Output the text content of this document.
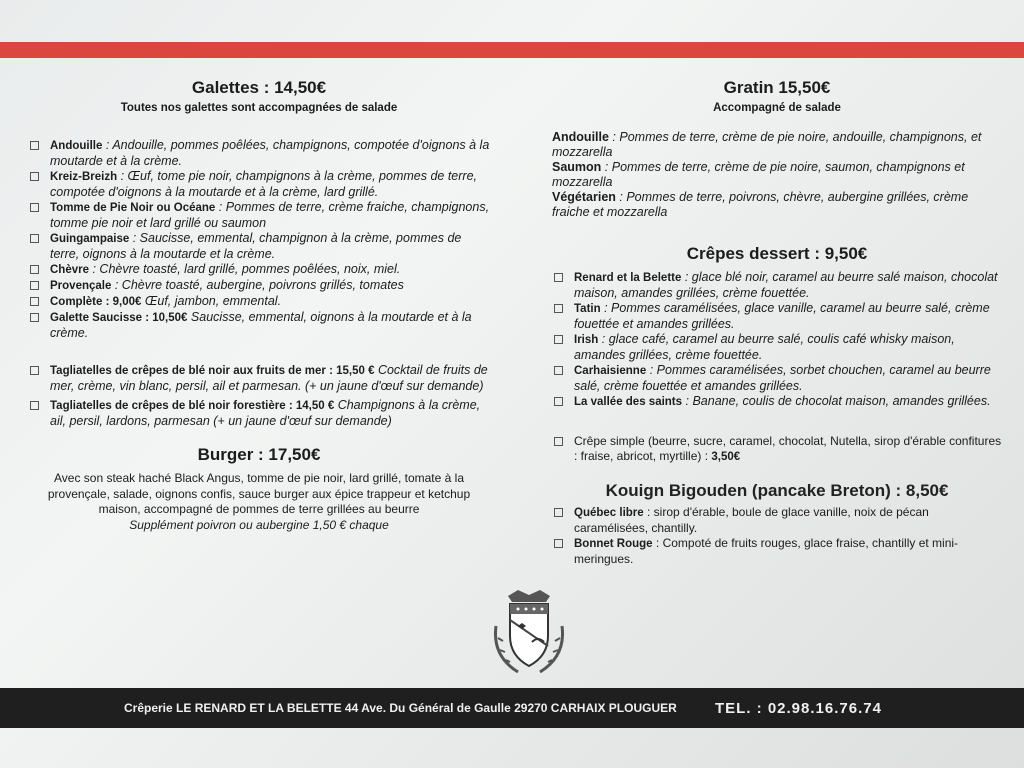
Galettes : 14,50€

Toutes nos galettes sont accompagnées de salade

Andouille : Andouille, pommes poêlées, champignons, compotée d'oignons à la moutarde et à la crème.

Kreiz-Breizh : Œuf, tome pie noir, champignons à la crème, pommes de terre, compotée d'oignons à la moutarde et à la crème, lard grillé.

Tomme de Pie Noir ou Océane : Pommes de terre, crème fraiche, champignons, tomme pie noir et lard grillé ou saumon

Guingampaise : Saucisse, emmental, champignon à la crème, pommes de terre, oignons à la moutarde et la crème.

Chèvre : Chèvre toasté, lard grillé, pommes poêlées, noix, miel.

Provençale : Chèvre toasté, aubergine, poivrons grillés, tomates

Complète : 9,00€ Œuf, jambon, emmental.

Galette Saucisse : 10,50€ Saucisse, emmental, oignons à la moutarde et à la crème.

Tagliatelles de crêpes de blé noir aux fruits de mer : 15,50 € Cocktail de fruits de mer, crème, vin blanc, persil, ail et parmesan. (+ un jaune d'œuf sur demande)

Tagliatelles de crêpes de blé noir forestière : 14,50 € Champignons à la crème, ail, persil, lardons, parmesan (+ un jaune d'œuf sur demande)

Burger : 17,50€

Avec son steak haché Black Angus, tomme de pie noir, lard grillé, tomate à la provençale, salade, oignons confis, sauce burger aux épice trappeur et ketchup maison, accompagné de pommes de terre grillées au beurre

Supplément poivron ou aubergine 1,50 € chaque

Gratin 15,50€

Accompagné de salade

Andouille : Pommes de terre, crème de pie noire, andouille, champignons, et mozzarella

Saumon : Pommes de terre, crème de pie noire, saumon, champignons et mozzarella

Végétarien : Pommes de terre, poivrons, chèvre, aubergine grillées, crème fraiche et mozzarella

Crêpes dessert : 9,50€

Renard et la Belette : glace blé noir, caramel au beurre salé maison, chocolat maison, amandes grillées, crème fouettée.

Tatin : Pommes caramélisées, glace vanille, caramel au beurre salé, crème fouettée et amandes grillées.

Irish : glace café, caramel au beurre salé, coulis café whisky maison, amandes grillées, crème fouettée.

Carhaisienne : Pommes caramélisées, sorbet chouchen, caramel au beurre salé, crème fouettée et amandes grillées.

La vallée des saints : Banane, coulis de chocolat maison, amandes grillées.

Crêpe simple (beurre, sucre, caramel, chocolat, Nutella, sirop d'érable confitures : fraise, abricot, myrtille) : 3,50€

Kouign Bigouden (pancake Breton) : 8,50€

Québec libre : sirop d'érable, boule de glace vanille, noix de pécan caramélisées, chantilly.

Bonnet Rouge : Compoté de fruits rouges, glace fraise, chantilly et mini-meringues.

Crêperie LE RENARD ET LA BELETTE 44 Ave. Du Général de Gaulle 29270 CARHAIX PLOUGUER	TEL. : 02.98.16.76.74
